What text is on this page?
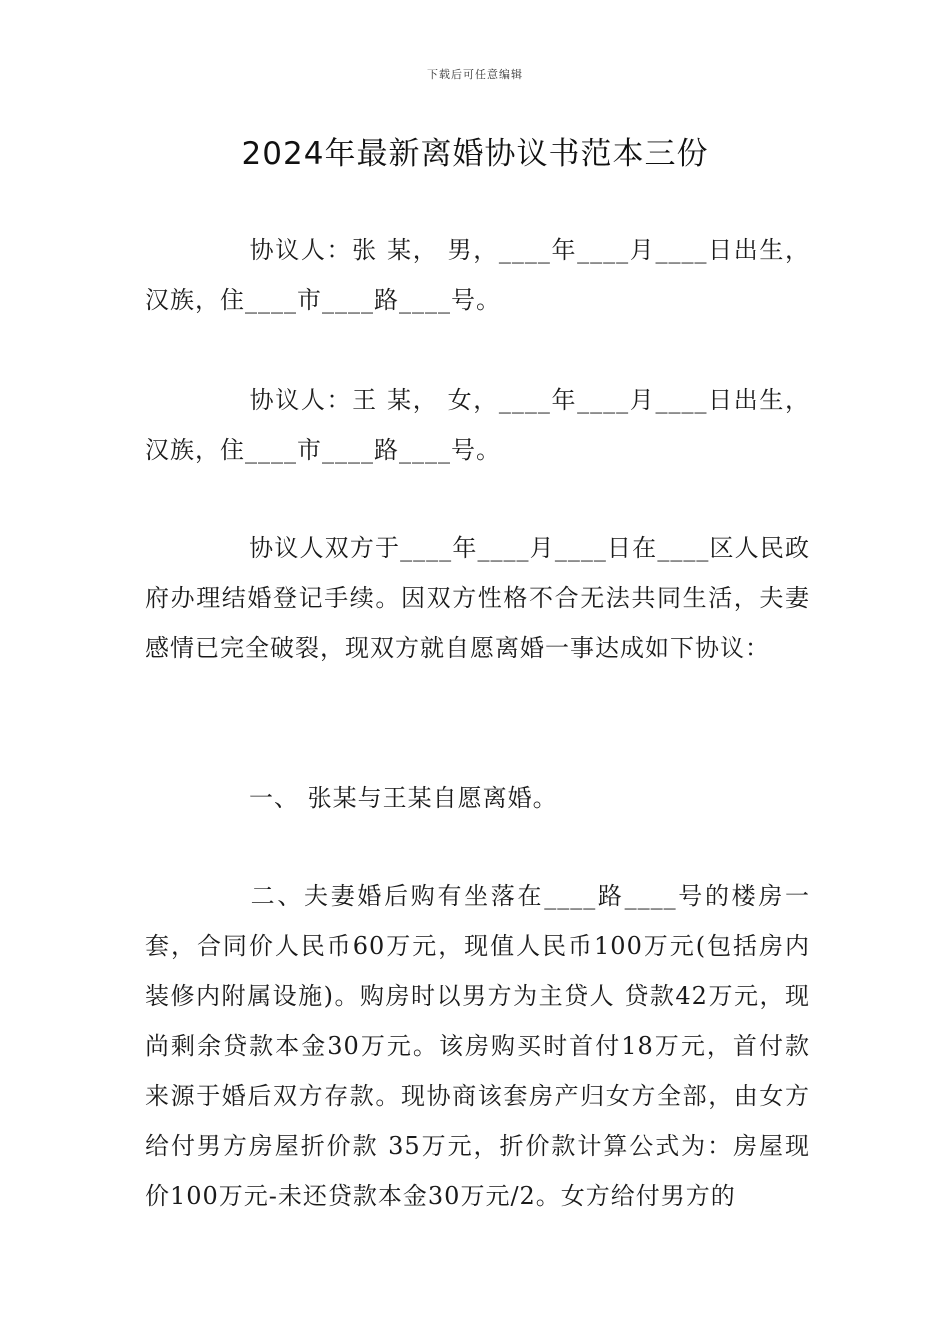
下载后可任意编辑
2024年最新离婚协议书范本三份

协议人：张 某， 男，____年____月____日出生，汉族，住____市____路____号。

协议人：王 某， 女，____年____月____日出生，汉族，住____市____路____号。

协议人双方于____年____月____日在____区人民政府办理结婚登记手续。因双方性格不合无法共同生活，夫妻感情已完全破裂，现双方就自愿离婚一事达成如下协议：

一、 张某与王某自愿离婚。

二、夫妻婚后购有坐落在____路____号的楼房一套，合同价人民币60万元，现值人民币100万元(包括房内装修内附属设施)。购房时以男方为主贷人 贷款42万元，现尚剩余贷款本金30万元。该房购买时首付18万元，首付款来源于婚后双方存款。现协商该套房产归女方全部，由女方给付男方房屋折价款 35万元，折价款计算公式为：房屋现价100万元-未还贷款本金30万元/2。女方给付男方的
